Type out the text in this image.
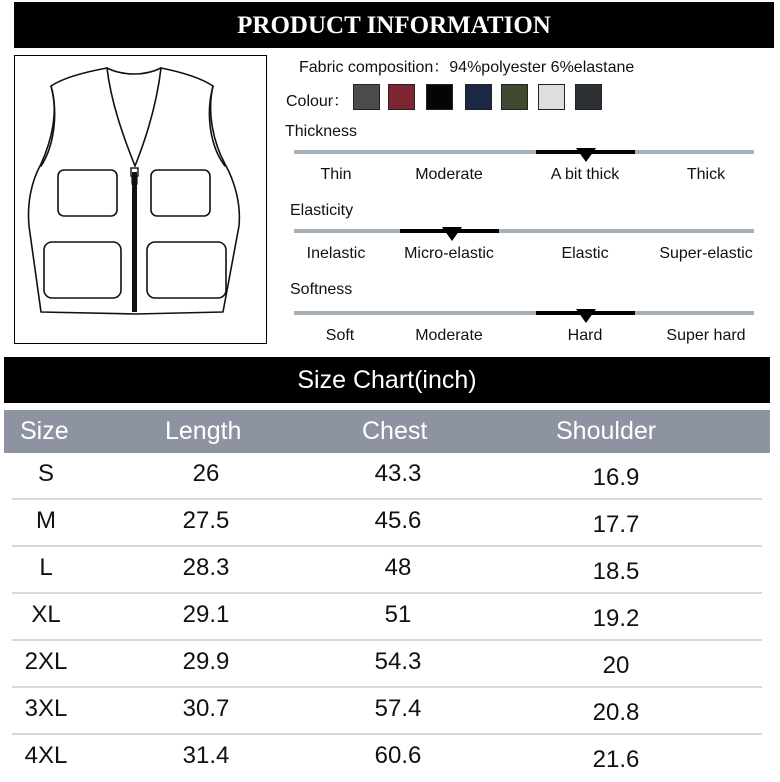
PRODUCT INFORMATION
Fabric composition：94%polyester 6%elastane
Colour：
Thickness
Thin	Moderate	A bit thick	Thick
Elasticity
Inelastic	Micro-elastic	Elastic	Super-elastic
Softness
Soft	Moderate	Hard	Super hard
Size Chart(inch)
Size	Length	Chest	Shoulder
S	26	43.3	16.9
M	27.5	45.6	17.7
L	28.3	48	18.5
XL	29.1	51	19.2
2XL	29.9	54.3	20
3XL	30.7	57.4	20.8
4XL	31.4	60.6	21.6
